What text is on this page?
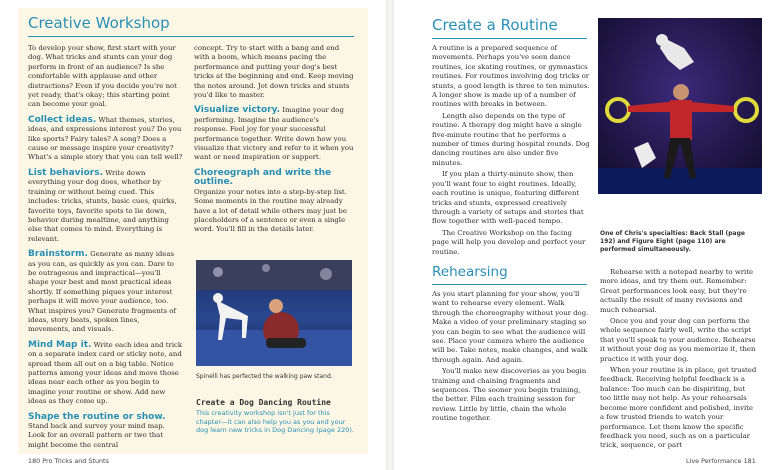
Creative Workshop

To develop your show, first start with your dog. What tricks and stunts can your dog perform in front of an audience? Is she comfortable with applause and other distractions? Even if you decide you're not yet ready, that's okay; this starting point can become your goal.

Collect ideas. What themes, stories, ideas, and expressions interest you? Do you like sports? Fairy tales? A song? Does a cause or message inspire your creativity? What's a simple story that you can tell well?

List behaviors. Write down everything your dog does, whether by training or without being cued. This includes: tricks, stunts, basic cues, quirks, favorite toys, favorite spots to lie down, behavior during mealtime, and anything else that comes to mind. Everything is relevant.

Brainstorm. Generate as many ideas as you can, as quickly as you can. Dare to be outrageous and impractical—you'll shape your best and most practical ideas shortly. If something piques your interest perhaps it will move your audience, too. What inspires you? Generate fragments of ideas, story beats, spoken lines, movements, and visuals.

Mind Map it. Write each idea and trick on a separate index card or sticky note, and spread them all out on a big table. Notice patterns among your ideas and move those ideas near each other as you begin to imagine your routine or show. Add new ideas as they come up.

Shape the routine or show. Stand back and survey your mind map. Look for an overall pattern or two that might become the central

concept. Try to start with a bang and end with a boom, which means pacing the performance and putting your dog's best tricks at the beginning and end. Keep moving the notes around. Jot down tricks and stunts you'd like to master.

Visualize victory. Imagine your dog performing. Imagine the audience's response. Feel joy for your successful performance together. Write down how you visualize that victory and refer to it when you want or need inspiration or support.

Choreograph and write the outline.
Organize your notes into a step-by-step list. Some moments in the routine may already have a lot of detail while others may just be placeholders of a sentence or even a single word. You'll fill in the details later.

Spinelli has perfected the walking paw stand.
Create a Dog Dancing Routine
This creativity workshop isn't just for this chapter—it can also help you as you and your dog learn new tricks in Dog Dancing (page 220).
180 Pro Tricks and Stunts
Create a Routine

A routine is a prepared sequence of movements. Perhaps you've seen dance routines, ice skating routines, or gymnastics routines. For routines involving dog tricks or stunts, a good length is three to ten minutes. A longer show is made up of a number of routines with breaks in between.

Length also depends on the type of routine. A therapy dog might have a single five-minute routine that he performs a number of times during hospital rounds. Dog dancing routines are also under five minutes.

If you plan a thirty-minute show, then you'll want four to eight routines. Ideally, each routine is unique, featuring different tricks and stunts, expressed creatively through a variety of setups and stories that flow together with well-paced tempo.

The Creative Workshop on the facing page will help you develop and perfect your routine.

One of Chris's specialties: Back Stall (page 192) and Figure Eight (page 110) are performed simultaneously.
Rehearsing

As you start planning for your show, you'll want to rehearse every element. Walk through the choreography without your dog. Make a video of your preliminary staging so you can begin to see what the audience will see. Place your camera where the audience will be. Take notes, make changes, and walk through again. And again.

You'll make new discoveries as you begin training and chaining fragments and sequences. The sooner you begin training, the better. Film each training session for review. Little by little, chain the whole routine together.

Rehearse with a notepad nearby to write more ideas, and try them out. Remember: Great performances look easy, but they're actually the result of many revisions and much rehearsal.

Once you and your dog can perform the whole sequence fairly well, write the script that you'll speak to your audience. Rehearse it without your dog as you memorize it, then practice it with your dog.

When your routine is in place, get trusted feedback. Receiving helpful feedback is a balance: Too much can be dispiriting, but too little may not help. As your rehearsals become more confident and polished, invite a few trusted friends to watch your performance. Let them know the specific feedback you need, such as on a particular trick, sequence, or part

Live Performance 181
